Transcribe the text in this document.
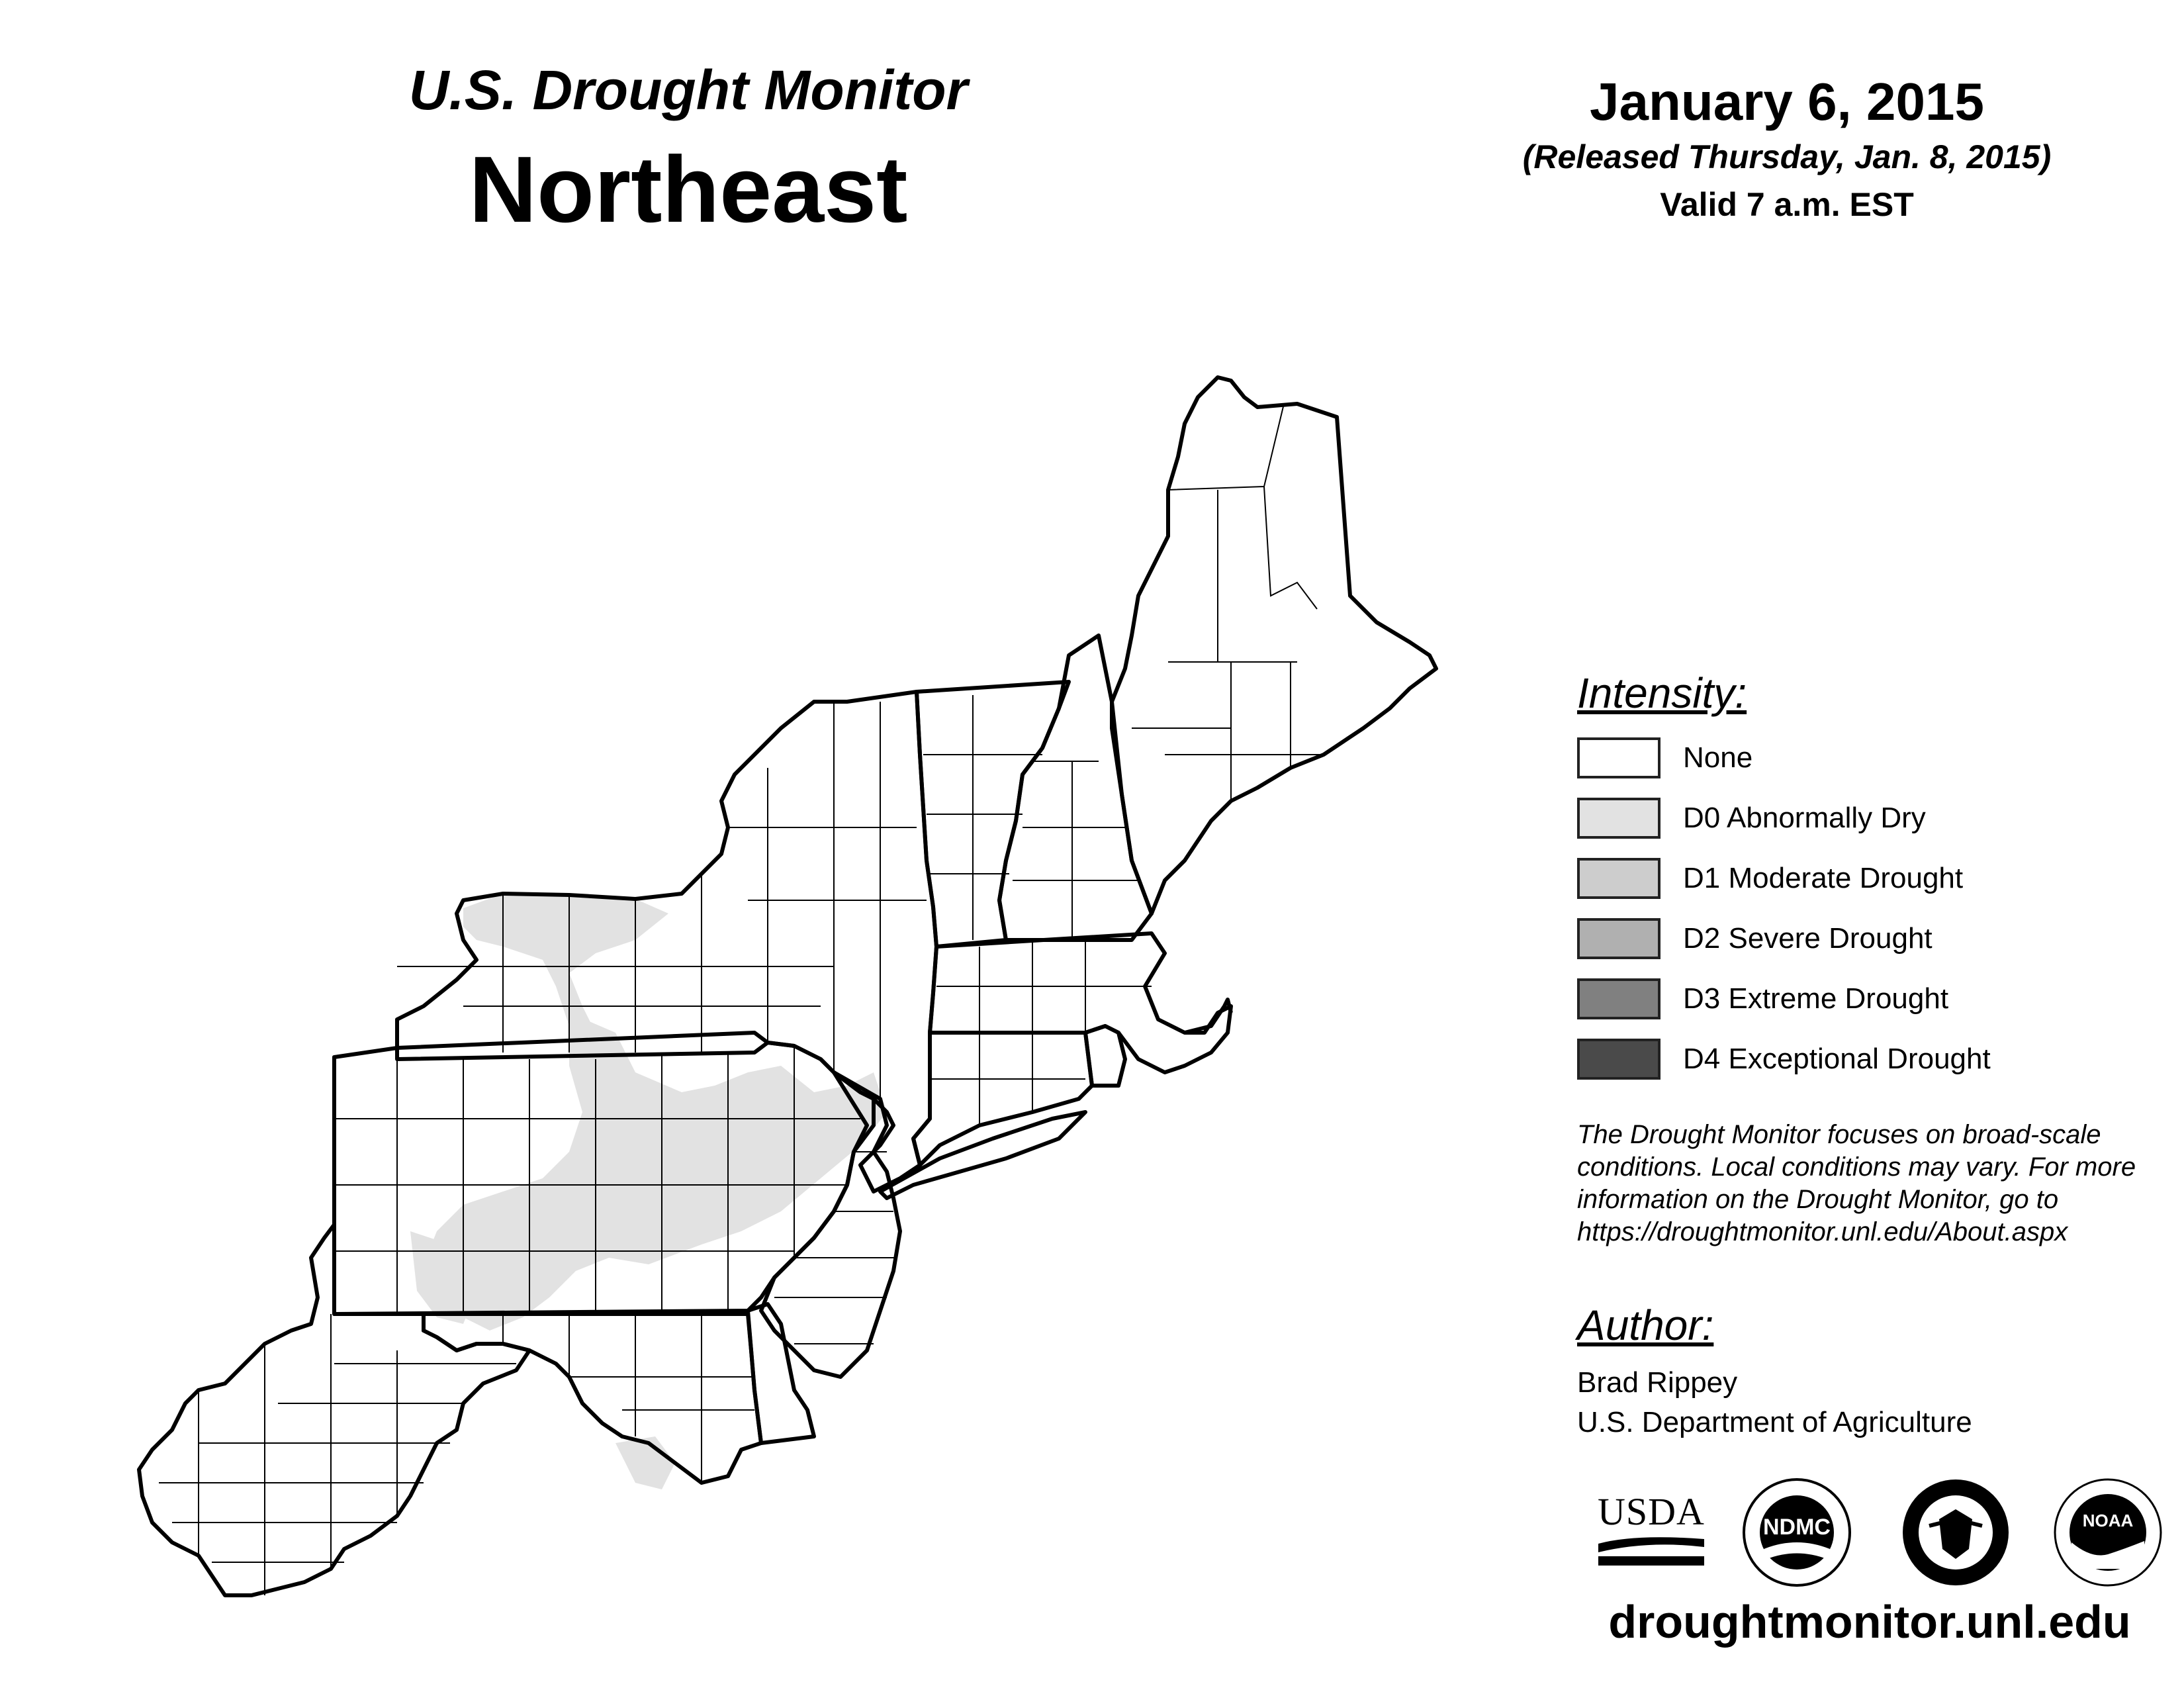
U.S. Drought Monitor
Northeast
January 6, 2015
(Released Thursday, Jan. 8, 2015)
Valid 7 a.m. EST
Intensity:
None
D0 Abnormally Dry
D1 Moderate Drought
D2 Severe Drought
D3 Extreme Drought
D4 Exceptional Drought
The Drought Monitor focuses on broad-scale
conditions. Local conditions may vary. For more
information on the Drought Monitor, go to
https://droughtmonitor.unl.edu/About.aspx
Author:
Brad Rippey
U.S. Department of Agriculture
USDA	NDMC	NOAA
droughtmonitor.unl.edu
